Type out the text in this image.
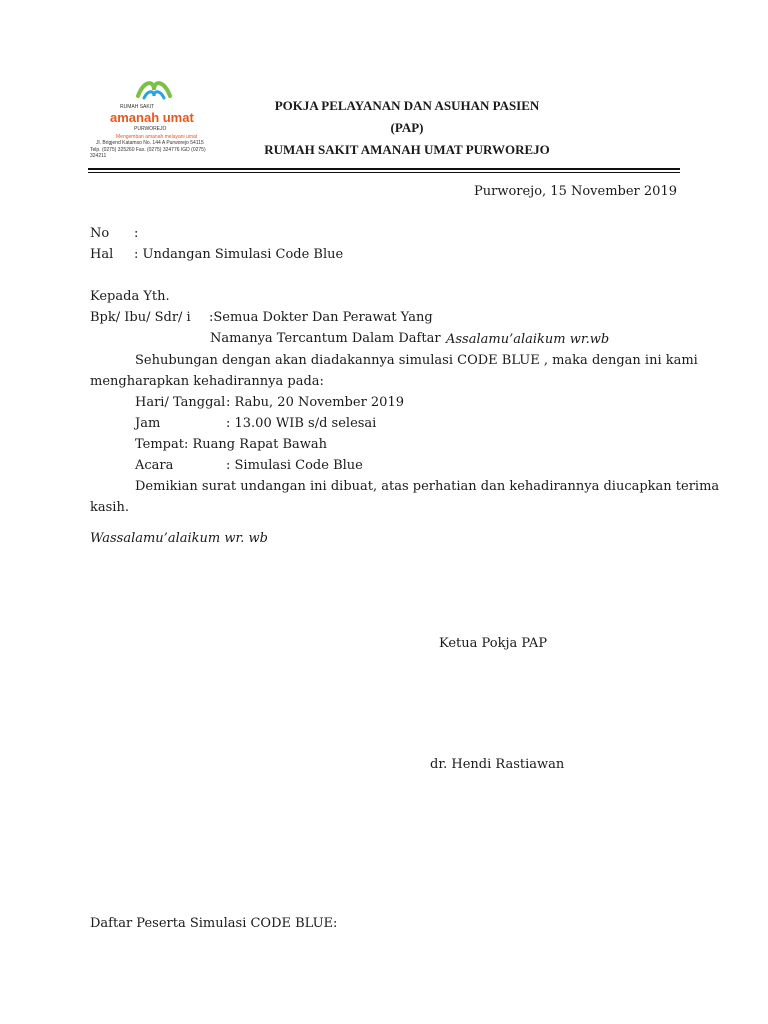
RUMAH SAKIT
amanah umat
PURWOREJO
Mengemban amanah melayani umat
Jl. Brigjend Katamso No. 144 A Purworejo 54115
Telp. (0275) 325260 Fax. (0275) 324776 IGD (0275) 324211
POKJA PELAYANAN DAN ASUHAN PASIEN
(PAP)
RUMAH SAKIT AMANAH UMAT PURWOREJO
Purworejo, 15 November 2019
No :
Hal : Undangan Simulasi Code Blue
Kepada Yth.
Bpk/ Ibu/ Sdr/ i :Semua Dokter Dan Perawat Yang
Namanya Tercantum Dalam Daftar Assalamu’alaikum wr.wb
Sehubungan dengan akan diadakannya simulasi CODE BLUE , maka dengan ini kami
mengharapkan kehadirannya pada:
Hari/ Tanggal : Rabu, 20 November 2019
Jam	: 13.00 WIB s/d selesai
Tempat: Ruang Rapat Bawah
Acara	: Simulasi Code Blue
Demikian surat undangan ini dibuat, atas perhatian dan kehadirannya diucapkan terima
kasih.
Wassalamu’alaikum wr. wb
Ketua Pokja PAP
dr. Hendi Rastiawan
Daftar Peserta Simulasi CODE BLUE:
